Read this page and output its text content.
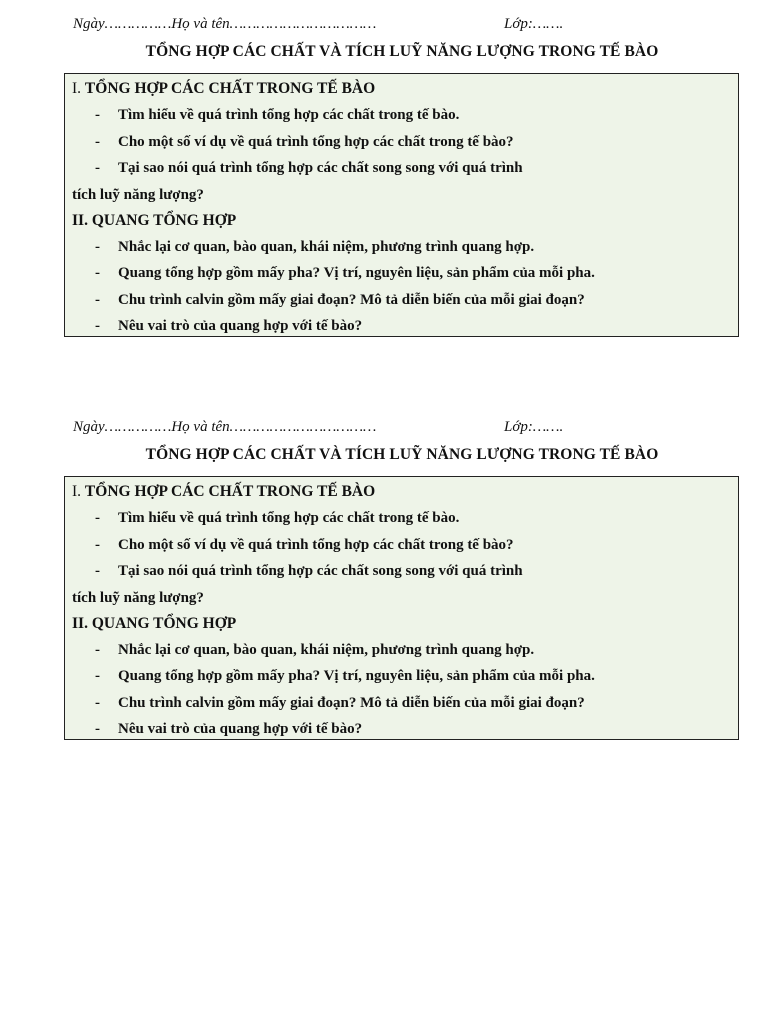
Ngày……………Họ và tên……………………………	Lớp:…….
TỔNG HỢP CÁC CHẤT VÀ TÍCH LUỸ NĂNG LƯỢNG TRONG TẾ BÀO
I. TỔNG HỢP CÁC CHẤT TRONG TẾ BÀO
- Tìm hiểu về quá trình tổng hợp các chất trong tế bào.
- Cho một số ví dụ về quá trình tổng hợp các chất trong tế bào?
- Tại sao nói quá trình tổng hợp các chất song song với quá trình
tích luỹ năng lượng?
II. QUANG TỔNG HỢP
- Nhắc lại cơ quan, bào quan, khái niệm, phương trình quang hợp.
- Quang tổng hợp gồm mấy pha? Vị trí, nguyên liệu, sản phẩm của mỗi pha.
- Chu trình calvin gồm mấy giai đoạn? Mô tả diễn biến của mỗi giai đoạn?
- Nêu vai trò của quang hợp với tế bào?
Ngày……………Họ và tên……………………………	Lớp:…….
TỔNG HỢP CÁC CHẤT VÀ TÍCH LUỸ NĂNG LƯỢNG TRONG TẾ BÀO
I. TỔNG HỢP CÁC CHẤT TRONG TẾ BÀO
- Tìm hiểu về quá trình tổng hợp các chất trong tế bào.
- Cho một số ví dụ về quá trình tổng hợp các chất trong tế bào?
- Tại sao nói quá trình tổng hợp các chất song song với quá trình
tích luỹ năng lượng?
II. QUANG TỔNG HỢP
- Nhắc lại cơ quan, bào quan, khái niệm, phương trình quang hợp.
- Quang tổng hợp gồm mấy pha? Vị trí, nguyên liệu, sản phẩm của mỗi pha.
- Chu trình calvin gồm mấy giai đoạn? Mô tả diễn biến của mỗi giai đoạn?
- Nêu vai trò của quang hợp với tế bào?
